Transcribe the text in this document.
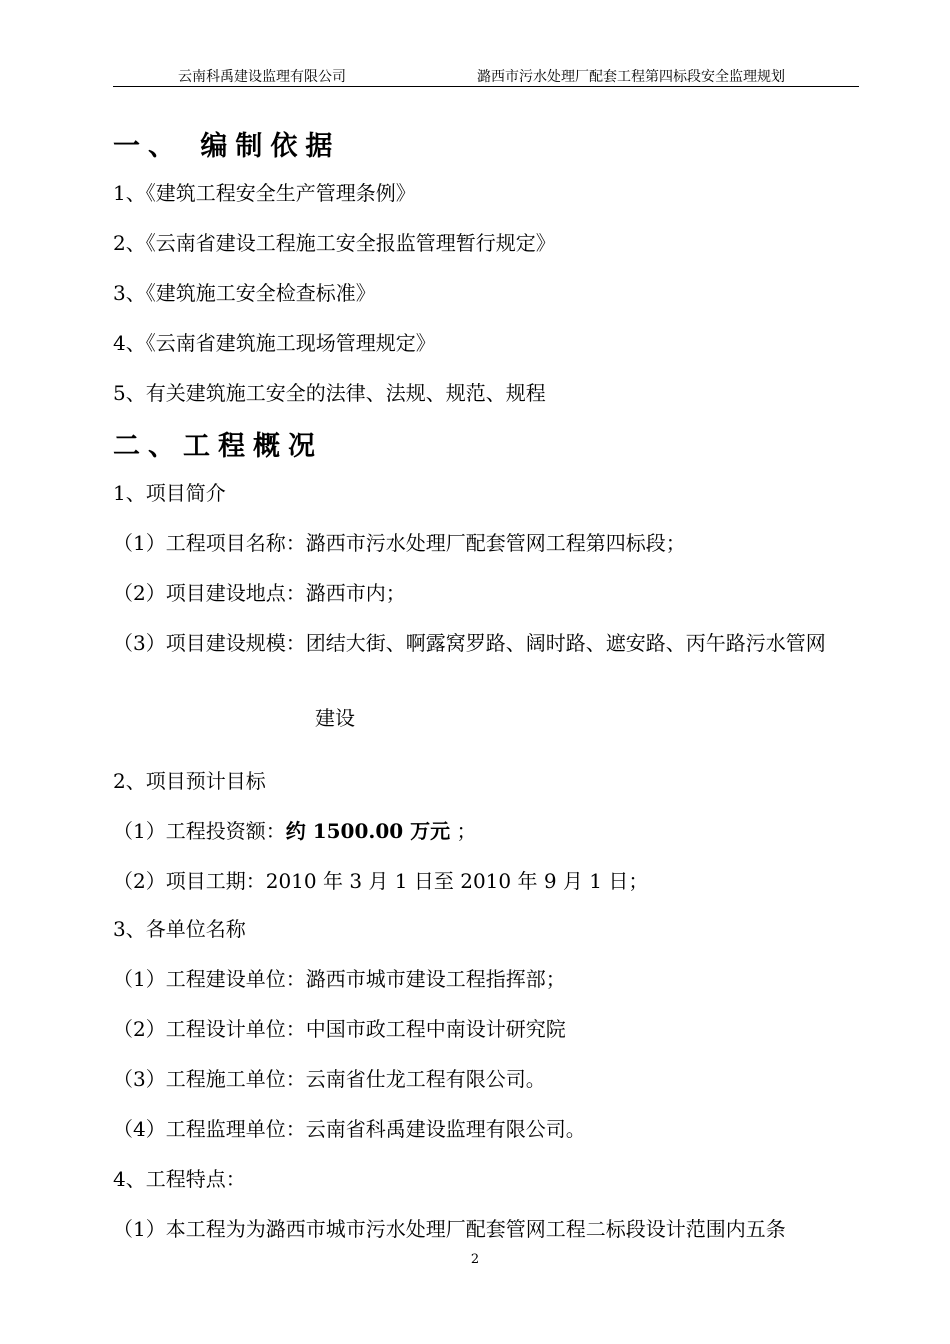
云南科禹建设监理有限公司	潞西市污水处理厂配套工程第四标段安全监理规划
一、 编制依据
1、《建筑工程安全生产管理条例》
2、《云南省建设工程施工安全报监管理暂行规定》
3、《建筑施工安全检查标准》
4、《云南省建筑施工现场管理规定》
5、有关建筑施工安全的法律、法规、规范、规程
二、工程概况
1、项目简介
（1）工程项目名称：潞西市污水处理厂配套管网工程第四标段；
（2）项目建设地点：潞西市内；
（3）项目建设规模：团结大街、啊露窝罗路、阔时路、遮安路、丙午路污水管网
建设
2、项目预计目标
（1）工程投资额：约 1500.00 万元 ；
（2）项目工期：2010 年 3 月 1 日至 2010 年 9 月 1 日；
3、各单位名称
（1）工程建设单位：潞西市城市建设工程指挥部；
（2）工程设计单位：中国市政工程中南设计研究院
（3）工程施工单位：云南省仕龙工程有限公司。
（4）工程监理单位：云南省科禹建设监理有限公司。
4、工程特点：
（1）本工程为为潞西市城市污水处理厂配套管网工程二标段设计范围内五条
2
